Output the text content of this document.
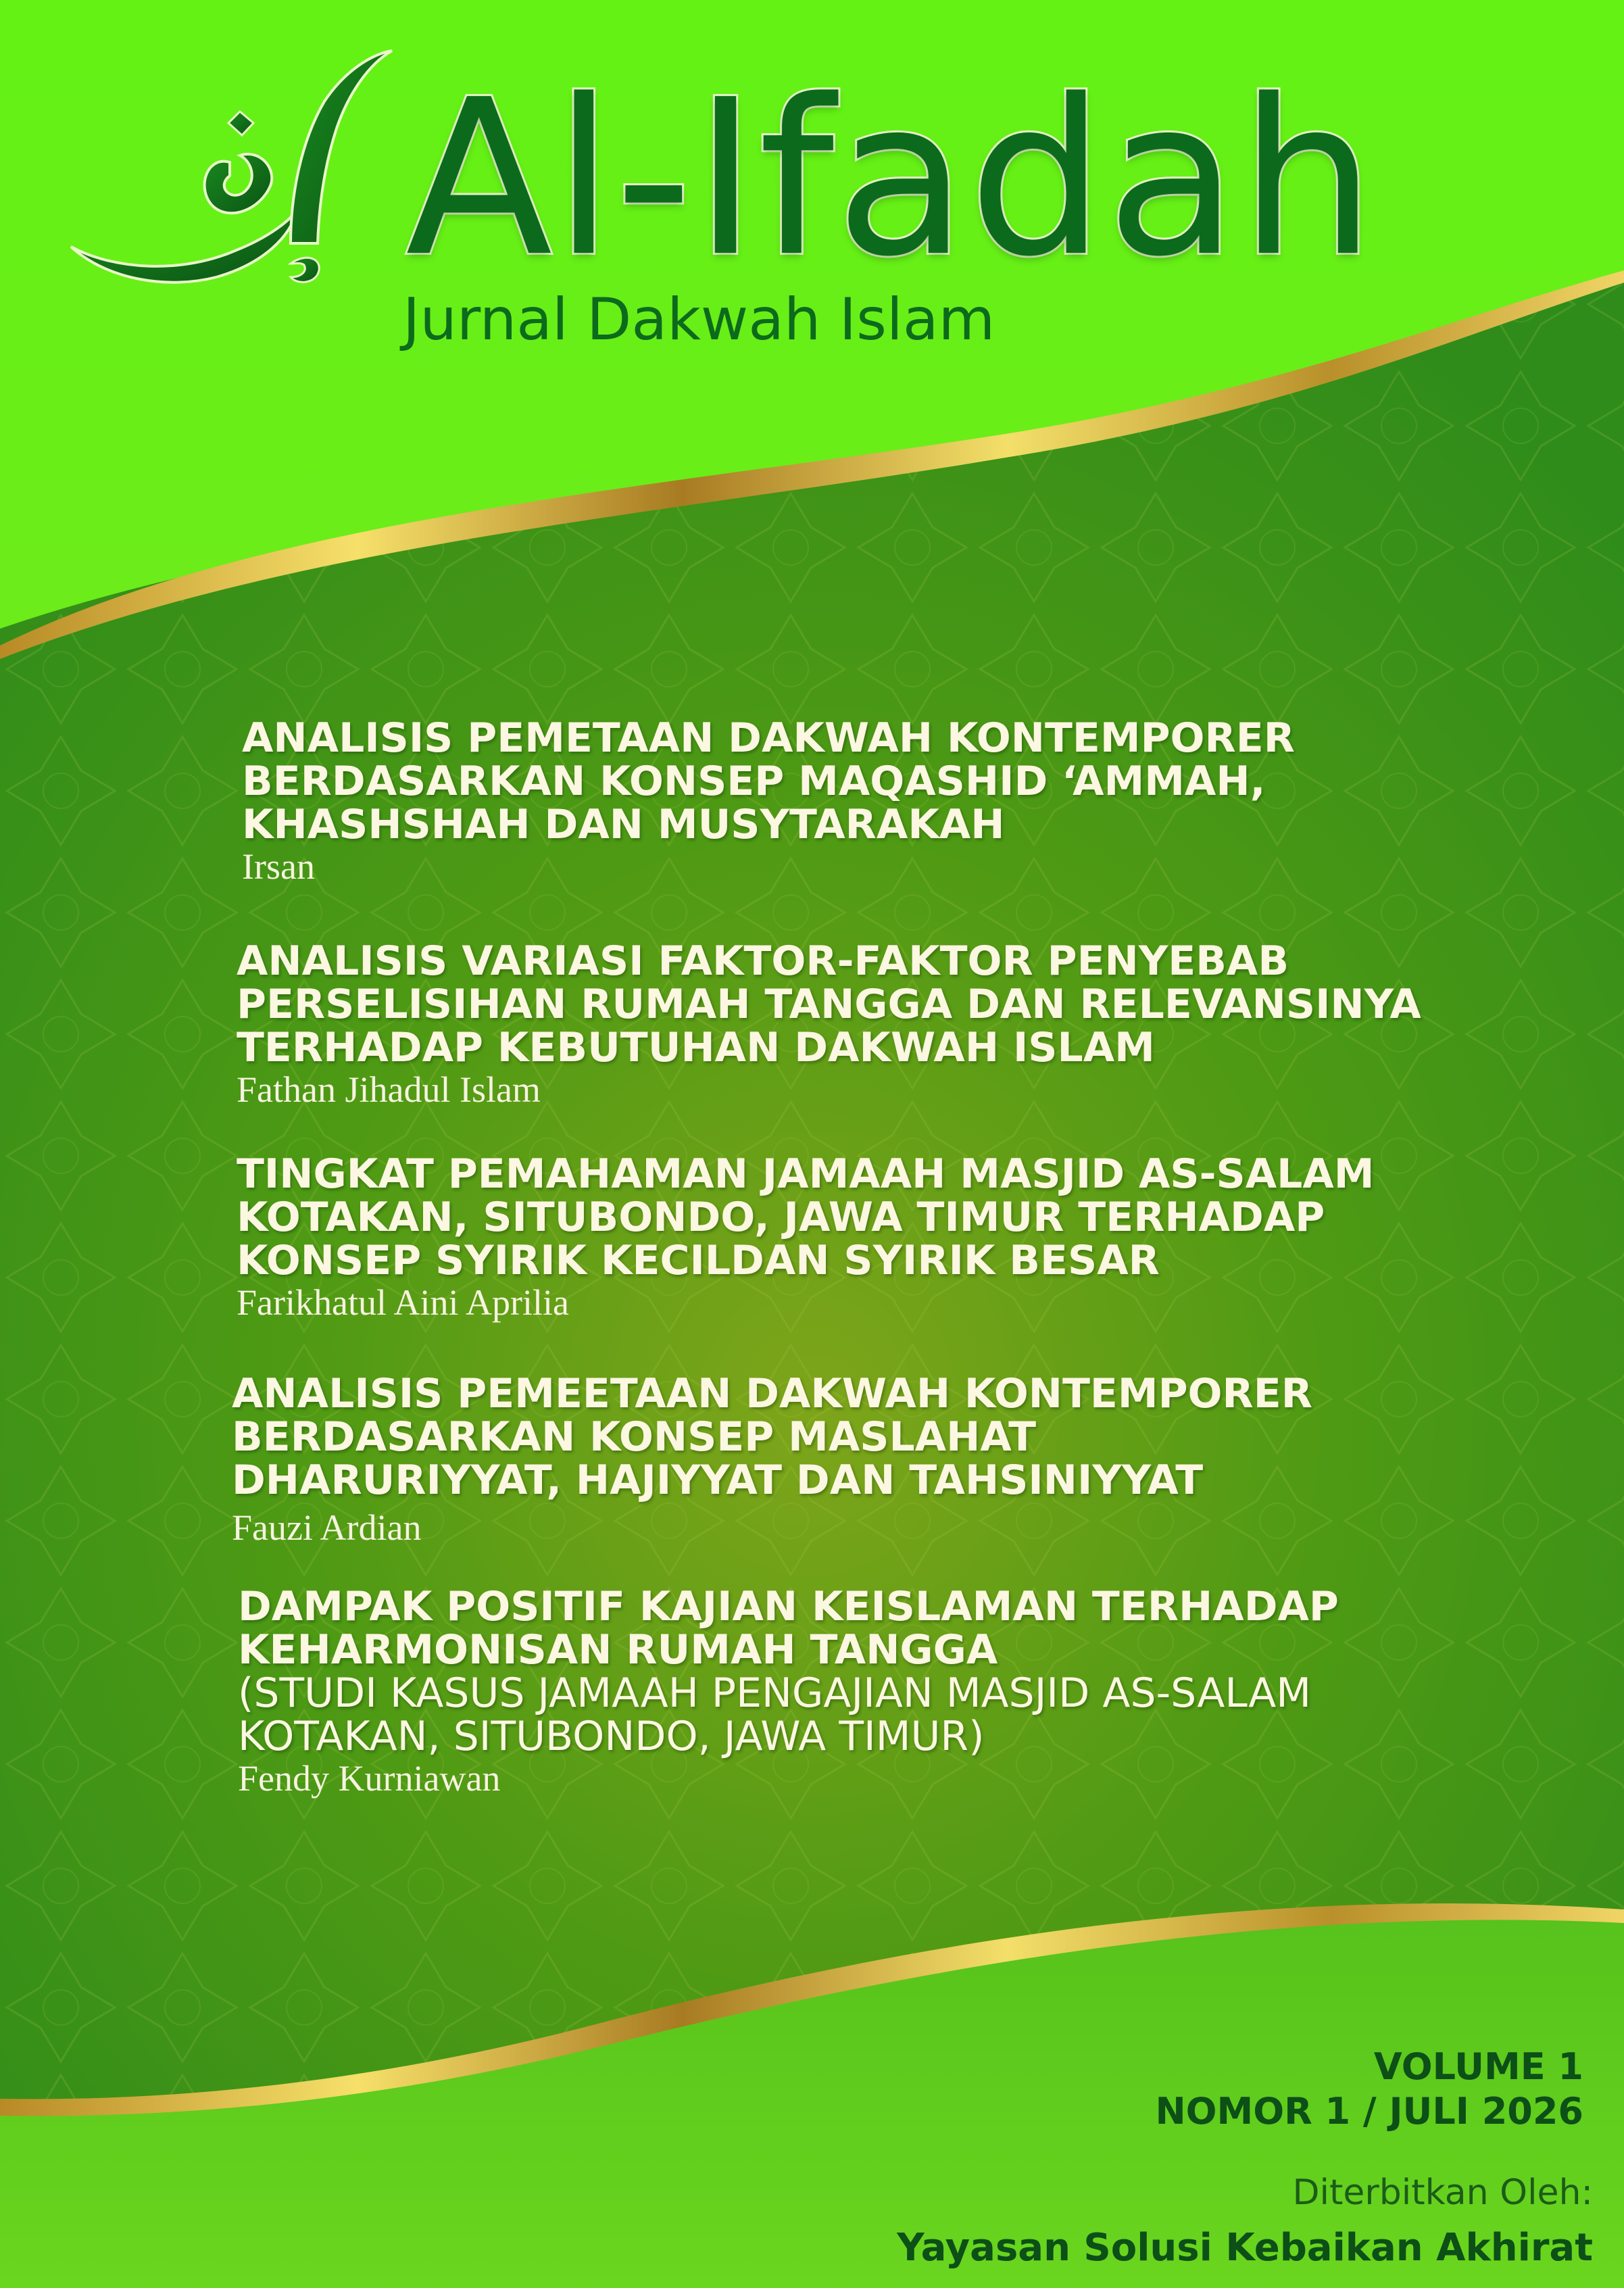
Al-Ifadah
Jurnal Dakwah Islam
ANALISIS PEMETAAN DAKWAH KONTEMPORER
BERDASARKAN KONSEP MAQASHID ‘AMMAH,
KHASHSHAH DAN MUSYTARAKAH
Irsan
ANALISIS VARIASI FAKTOR-FAKTOR PENYEBAB
PERSELISIHAN RUMAH TANGGA DAN RELEVANSINYA
TERHADAP KEBUTUHAN DAKWAH ISLAM
Fathan Jihadul Islam
TINGKAT PEMAHAMAN JAMAAH MASJID AS-SALAM
KOTAKAN, SITUBONDO, JAWA TIMUR TERHADAP
KONSEP SYIRIK KECILDAN SYIRIK BESAR
Farikhatul Aini Aprilia
ANALISIS PEMEETAAN DAKWAH KONTEMPORER
BERDASARKAN KONSEP MASLAHAT
DHARURIYYAT, HAJIYYAT DAN TAHSINIYYAT
Fauzi Ardian
DAMPAK POSITIF KAJIAN KEISLAMAN TERHADAP
KEHARMONISAN RUMAH TANGGA
(STUDI KASUS JAMAAH PENGAJIAN MASJID AS-SALAM
KOTAKAN, SITUBONDO, JAWA TIMUR)
Fendy Kurniawan
VOLUME 1
NOMOR 1 / JULI 2026
Diterbitkan Oleh:
Yayasan Solusi Kebaikan Akhirat
